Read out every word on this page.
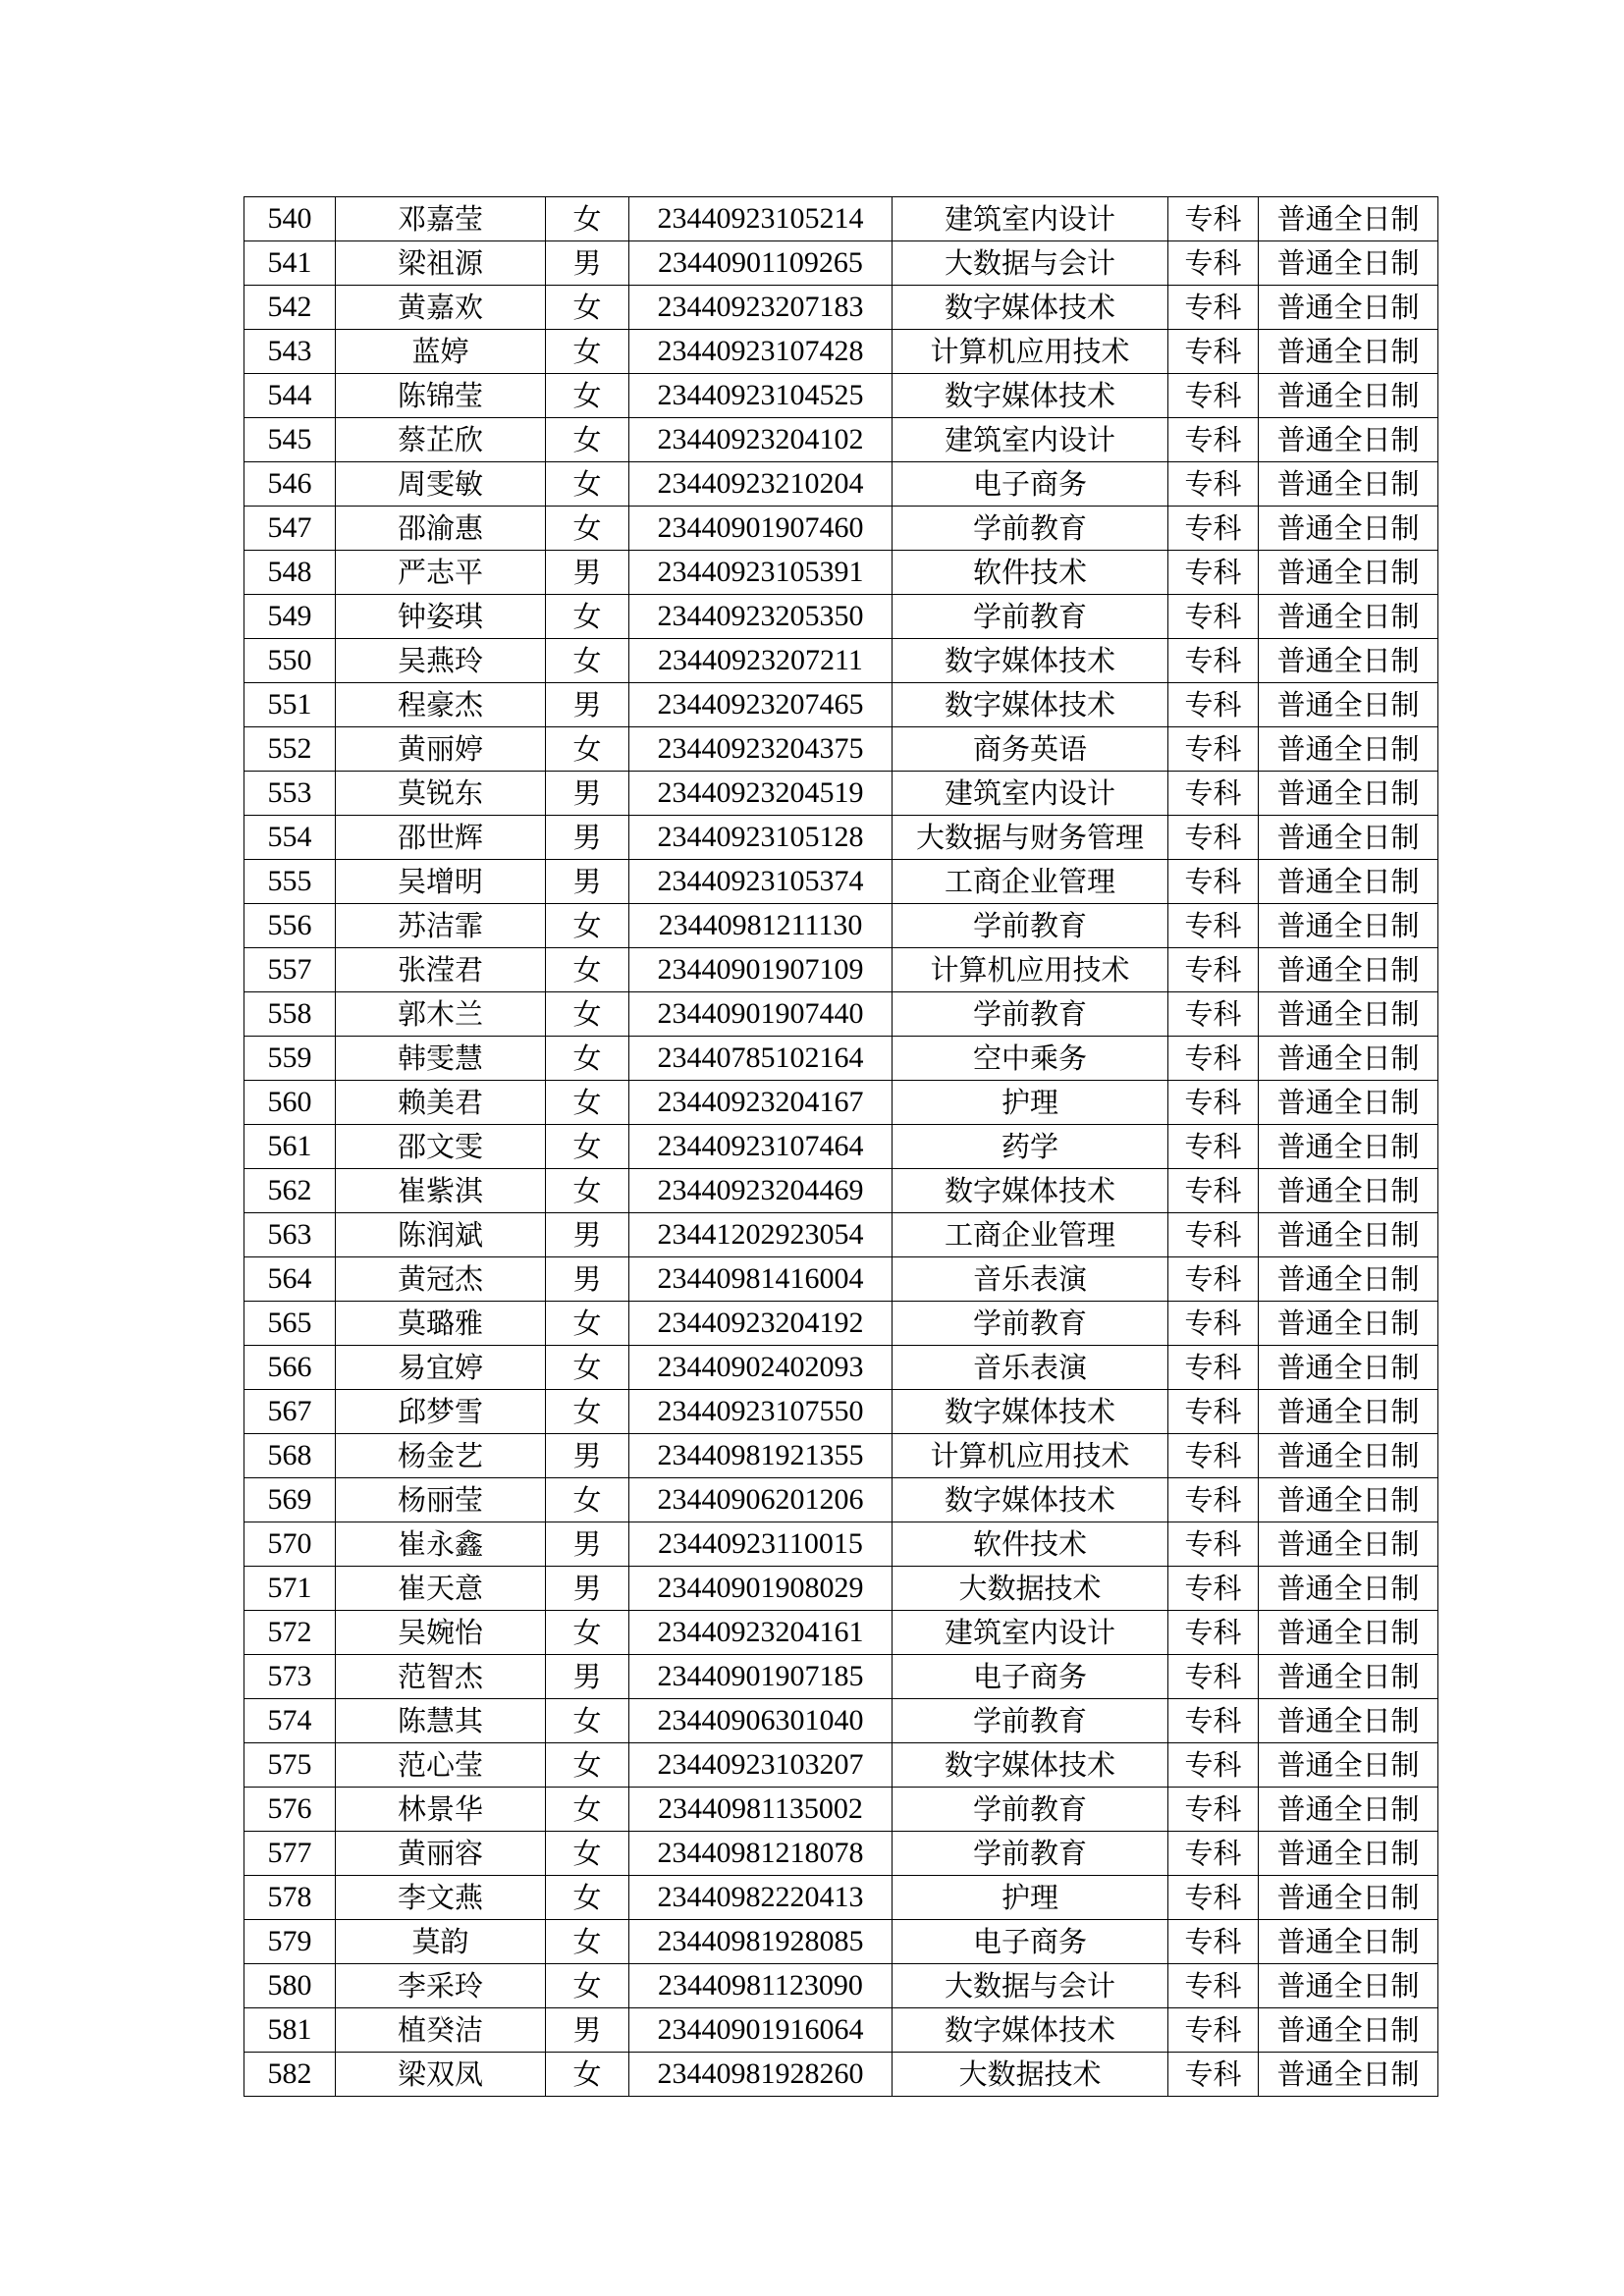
540	邓嘉莹	女	23440923105214	建筑室内设计	专科	普通全日制
541	梁祖源	男	23440901109265	大数据与会计	专科	普通全日制
542	黄嘉欢	女	23440923207183	数字媒体技术	专科	普通全日制
543	蓝婷	女	23440923107428	计算机应用技术	专科	普通全日制
544	陈锦莹	女	23440923104525	数字媒体技术	专科	普通全日制
545	蔡芷欣	女	23440923204102	建筑室内设计	专科	普通全日制
546	周雯敏	女	23440923210204	电子商务	专科	普通全日制
547	邵渝惠	女	23440901907460	学前教育	专科	普通全日制
548	严志平	男	23440923105391	软件技术	专科	普通全日制
549	钟姿琪	女	23440923205350	学前教育	专科	普通全日制
550	吴燕玲	女	23440923207211	数字媒体技术	专科	普通全日制
551	程豪杰	男	23440923207465	数字媒体技术	专科	普通全日制
552	黄丽婷	女	23440923204375	商务英语	专科	普通全日制
553	莫锐东	男	23440923204519	建筑室内设计	专科	普通全日制
554	邵世辉	男	23440923105128	大数据与财务管理	专科	普通全日制
555	吴增明	男	23440923105374	工商企业管理	专科	普通全日制
556	苏洁霏	女	23440981211130	学前教育	专科	普通全日制
557	张滢君	女	23440901907109	计算机应用技术	专科	普通全日制
558	郭木兰	女	23440901907440	学前教育	专科	普通全日制
559	韩雯慧	女	23440785102164	空中乘务	专科	普通全日制
560	赖美君	女	23440923204167	护理	专科	普通全日制
561	邵文雯	女	23440923107464	药学	专科	普通全日制
562	崔紫淇	女	23440923204469	数字媒体技术	专科	普通全日制
563	陈润斌	男	23441202923054	工商企业管理	专科	普通全日制
564	黄冠杰	男	23440981416004	音乐表演	专科	普通全日制
565	莫璐雅	女	23440923204192	学前教育	专科	普通全日制
566	易宜婷	女	23440902402093	音乐表演	专科	普通全日制
567	邱梦雪	女	23440923107550	数字媒体技术	专科	普通全日制
568	杨金艺	男	23440981921355	计算机应用技术	专科	普通全日制
569	杨丽莹	女	23440906201206	数字媒体技术	专科	普通全日制
570	崔永鑫	男	23440923110015	软件技术	专科	普通全日制
571	崔天意	男	23440901908029	大数据技术	专科	普通全日制
572	吴婉怡	女	23440923204161	建筑室内设计	专科	普通全日制
573	范智杰	男	23440901907185	电子商务	专科	普通全日制
574	陈慧其	女	23440906301040	学前教育	专科	普通全日制
575	范心莹	女	23440923103207	数字媒体技术	专科	普通全日制
576	林景华	女	23440981135002	学前教育	专科	普通全日制
577	黄丽容	女	23440981218078	学前教育	专科	普通全日制
578	李文燕	女	23440982220413	护理	专科	普通全日制
579	莫韵	女	23440981928085	电子商务	专科	普通全日制
580	李采玲	女	23440981123090	大数据与会计	专科	普通全日制
581	植癸洁	男	23440901916064	数字媒体技术	专科	普通全日制
582	梁双凤	女	23440981928260	大数据技术	专科	普通全日制
